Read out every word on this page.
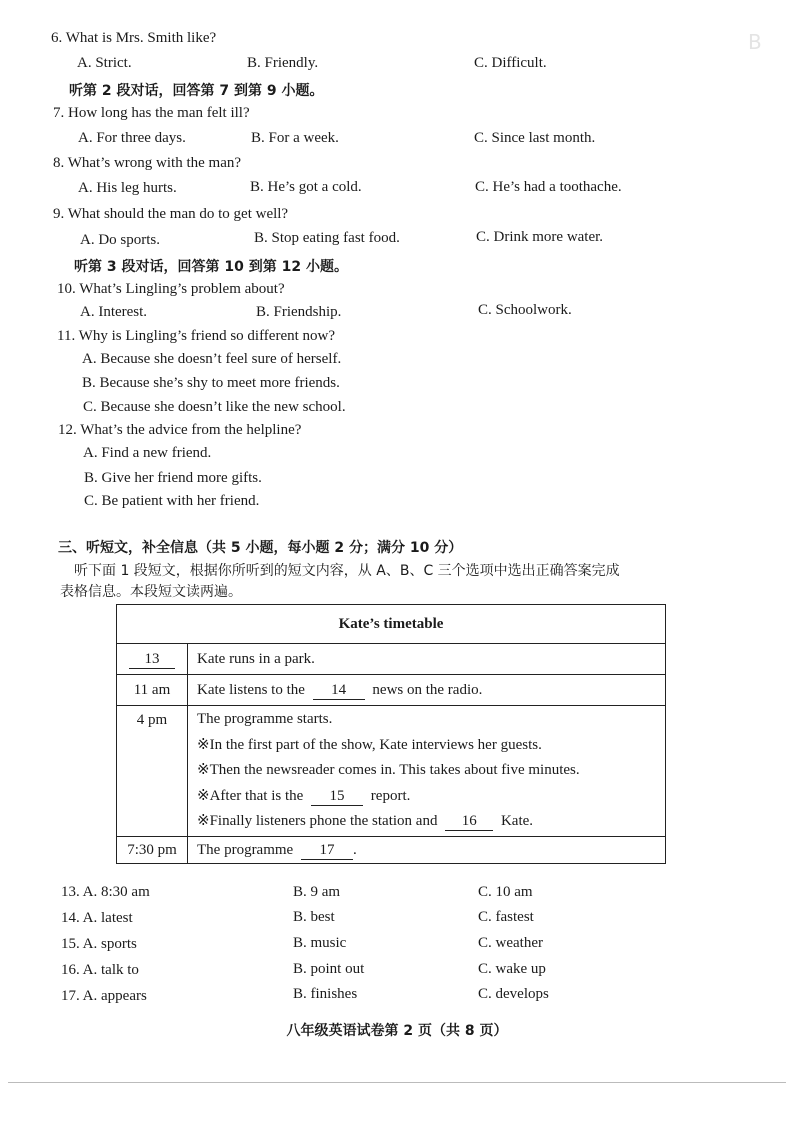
B
6. What is Mrs. Smith like?
A. Strict.	B. Friendly.	C. Difficult.
听第 2 段对话，回答第 7 到第 9 小题。
7. How long has the man felt ill?
A. For three days.	B. For a week.	C. Since last month.
8. What’s wrong with the man?
A. His leg hurts.	B. He’s got a cold.	C. He’s had a toothache.
9. What should the man do to get well?
A. Do sports.	B. Stop eating fast food.	C. Drink more water.
听第 3 段对话，回答第 10 到第 12 小题。
10. What’s Lingling’s problem about?
A. Interest.	B. Friendship.	C. Schoolwork.
11. Why is Lingling’s friend so different now?
A. Because she doesn’t feel sure of herself.
B. Because she’s shy to meet more friends.
C. Because she doesn’t like the new school.
12. What’s the advice from the helpline?
A. Find a new friend.
B. Give her friend more gifts.
C. Be patient with her friend.
三、听短文，补全信息（共 5 小题，每小题 2 分；满分 10 分）
听下面 1 段短文，根据你所听到的短文内容，从 A、B、C 三个选项中选出正确答案完成
表格信息。本段短文读两遍。
Kate’s timetable	
13	Kate runs in a park.
11 am	Kate listens to the 14 news on the radio.
4 pm	The programme starts.
※In the first part of the show, Kate interviews her guests.
※Then the newsreader comes in. This takes about five minutes.
※After that is the 15 report.
※Finally listeners phone the station and 16 Kate.

7:30 pm	The programme 17 .
13. A. 8:30 am	B. 9 am	C. 10 am
14. A. latest	B. best	C. fastest
15. A. sports	B. music	C. weather
16. A. talk to	B. point out	C. wake up
17. A. appears	B. finishes	C. develops
八年级英语试卷第 2 页（共 8 页）
